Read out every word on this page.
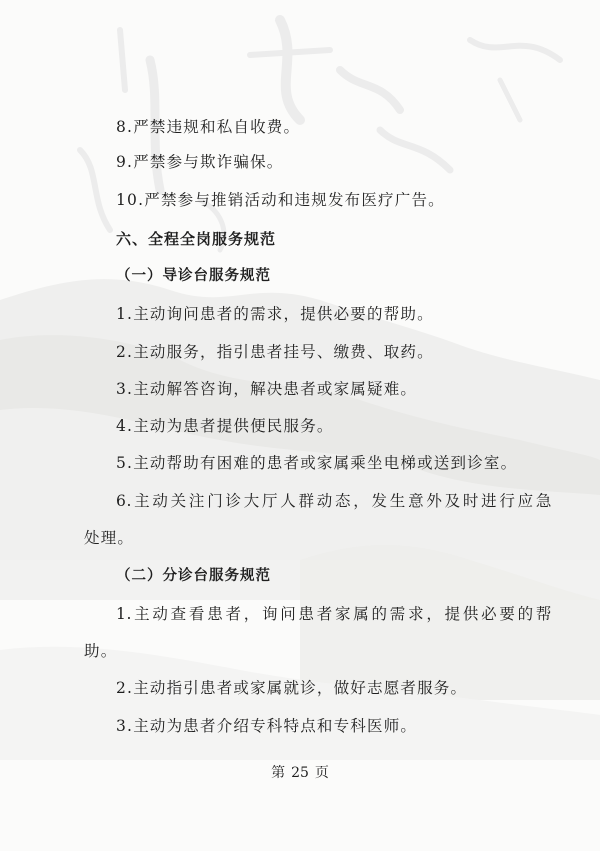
8.严禁违规和私自收费。
9.严禁参与欺诈骗保。
10.严禁参与推销活动和违规发布医疗广告。
六、全程全岗服务规范
（一）导诊台服务规范
1.主动询问患者的需求，提供必要的帮助。
2.主动服务，指引患者挂号、缴费、取药。
3.主动解答咨询，解决患者或家属疑难。
4.主动为患者提供便民服务。
5.主动帮助有困难的患者或家属乘坐电梯或送到诊室。
6.主动关注门诊大厅人群动态，发生意外及时进行应急
处理。
（二）分诊台服务规范
1.主动查看患者，询问患者家属的需求，提供必要的帮
助。
2.主动指引患者或家属就诊，做好志愿者服务。
3.主动为患者介绍专科特点和专科医师。
第 25 页
